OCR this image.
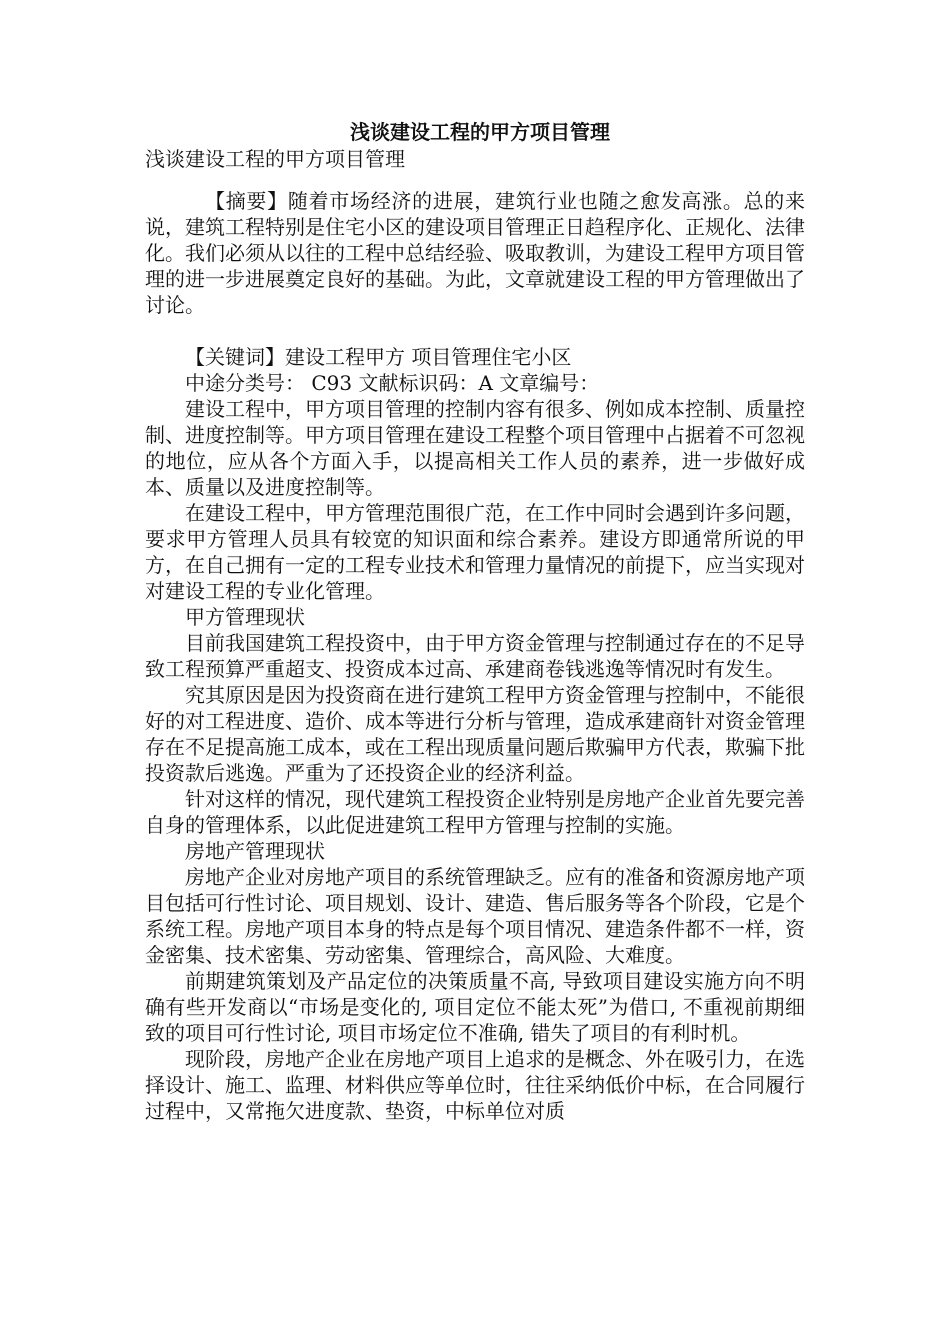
浅谈建设工程的甲方项目管理

浅谈建设工程的甲方项目管理

【摘要】随着市场经济的进展，建筑行业也随之愈发高涨。总的来说，建筑工程特别是住宅小区的建设项目管理正日趋程序化、正规化、法律化。我们必须从以往的工程中总结经验、吸取教训，为建设工程甲方项目管理的进一步进展奠定良好的基础。为此，文章就建设工程的甲方管理做出了讨论。

【关键词】建设工程甲方 项目管理住宅小区

中途分类号： C93 文献标识码：A 文章编号：

建设工程中，甲方项目管理的控制内容有很多、例如成本控制、质量控制、进度控制等。甲方项目管理在建设工程整个项目管理中占据着不可忽视的地位，应从各个方面入手，以提高相关工作人员的素养，进一步做好成本、质量以及进度控制等。

在建设工程中，甲方管理范围很广范，在工作中同时会遇到许多问题，要求甲方管理人员具有较宽的知识面和综合素养。建设方即通常所说的甲方，在自己拥有一定的工程专业技术和管理力量情况的前提下，应当实现对对建设工程的专业化管理。

甲方管理现状

目前我国建筑工程投资中，由于甲方资金管理与控制通过存在的不足导致工程预算严重超支、投资成本过高、承建商卷钱逃逸等情况时有发生。

究其原因是因为投资商在进行建筑工程甲方资金管理与控制中，不能很好的对工程进度、造价、成本等进行分析与管理，造成承建商针对资金管理存在不足提高施工成本，或在工程出现质量问题后欺骗甲方代表，欺骗下批投资款后逃逸。严重为了还投资企业的经济利益。

针对这样的情况，现代建筑工程投资企业特别是房地产企业首先要完善自身的管理体系，以此促进建筑工程甲方管理与控制的实施。

房地产管理现状

房地产企业对房地产项目的系统管理缺乏。应有的准备和资源房地产项目包括可行性讨论、项目规划、设计、建造、售后服务等各个阶段，它是个系统工程。房地产项目本身的特点是每个项目情况、建造条件都不一样，资金密集、技术密集、劳动密集、管理综合，高风险、大难度。

前期建筑策划及产品定位的决策质量不高, 导致项目建设实施方向不明确有些开发商以“市场是变化的, 项目定位不能太死”为借口, 不重视前期细致的项目可行性讨论, 项目市场定位不准确, 错失了项目的有利时机。

现阶段，房地产企业在房地产项目上追求的是概念、外在吸引力，在选择设计、施工、监理、材料供应等单位时，往往采纳低价中标，在合同履行过程中，又常拖欠进度款、垫资，中标单位对质
